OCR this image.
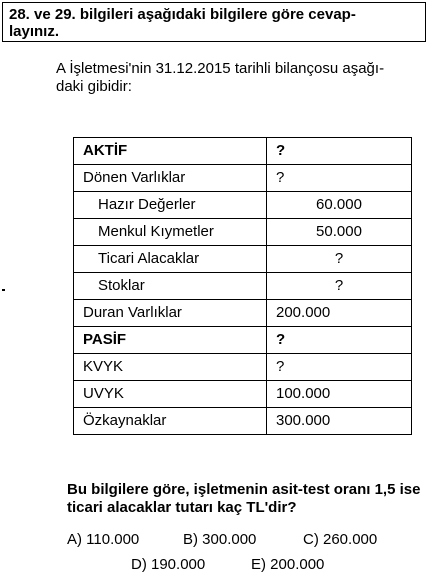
28. ve 29. bilgileri aşağıdaki bilgilere göre cevap-
layınız.
A İşletmesi'nin 31.12.2015 tarihli bilançosu aşağı-
daki gibidir:
AKTİF	?
Dönen Varlıklar	?
Hazır Değerler	60.000
Menkul Kıymetler	50.000
Ticari Alacaklar	?
Stoklar	?
Duran Varlıklar	200.000
PASİF	?
KVYK	?
UVYK	100.000
Özkaynaklar	300.000
Bu bilgilere göre, işletmenin asit-test oranı 1,5 ise ticari alacaklar tutarı kaç TL'dir?
A) 110.000	B) 300.000	C) 260.000
D) 190.000	E) 200.000
